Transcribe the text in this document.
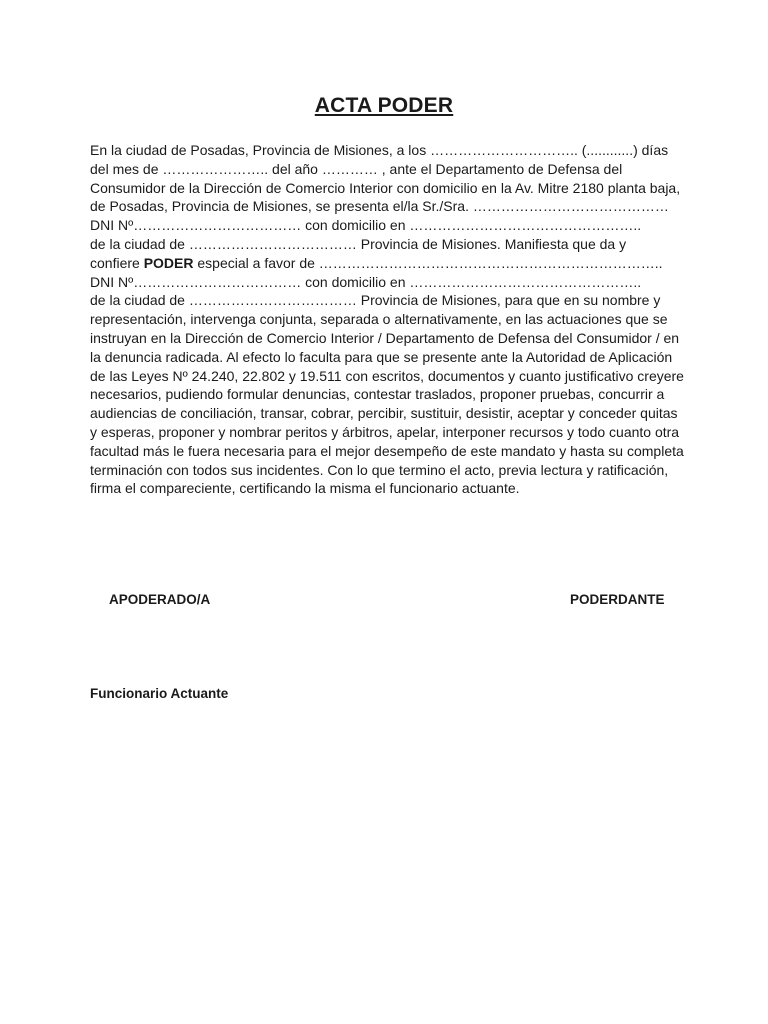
ACTA PODER
En la ciudad de Posadas, Provincia de Misiones, a los ………………………….. (............) días
del mes de ………………….. del año ………… , ante el Departamento de Defensa del
Consumidor de la Dirección de Comercio Interior con domicilio en la Av. Mitre 2180 planta baja,
de Posadas, Provincia de Misiones, se presenta el/la Sr./Sra. ……………………………………
DNI Nº……………………………… con domicilio en …………………………………………..
de la ciudad de ……………………………… Provincia de Misiones. Manifiesta que da y
confiere PODER especial a favor de ………………………………………………………………..
DNI Nº……………………………… con domicilio en …………………………………………..
de la ciudad de ……………………………… Provincia de Misiones, para que en su nombre y
representación, intervenga conjunta, separada o alternativamente, en las actuaciones que se
instruyan en la Dirección de Comercio Interior / Departamento de Defensa del Consumidor / en
la denuncia radicada. Al efecto lo faculta para que se presente ante la Autoridad de Aplicación
de las Leyes Nº 24.240, 22.802 y 19.511 con escritos, documentos y cuanto justificativo creyere
necesarios, pudiendo formular denuncias, contestar traslados, proponer pruebas, concurrir a
audiencias de conciliación, transar, cobrar, percibir, sustituir, desistir, aceptar y conceder quitas
y esperas, proponer y nombrar peritos y árbitros, apelar, interponer recursos y todo cuanto otra
facultad más le fuera necesaria para el mejor desempeño de este mandato y hasta su completa
terminación con todos sus incidentes. Con lo que termino el acto, previa lectura y ratificación,
firma el compareciente, certificando la misma el funcionario actuante.
APODERADO/A	PODERDANTE
Funcionario Actuante
